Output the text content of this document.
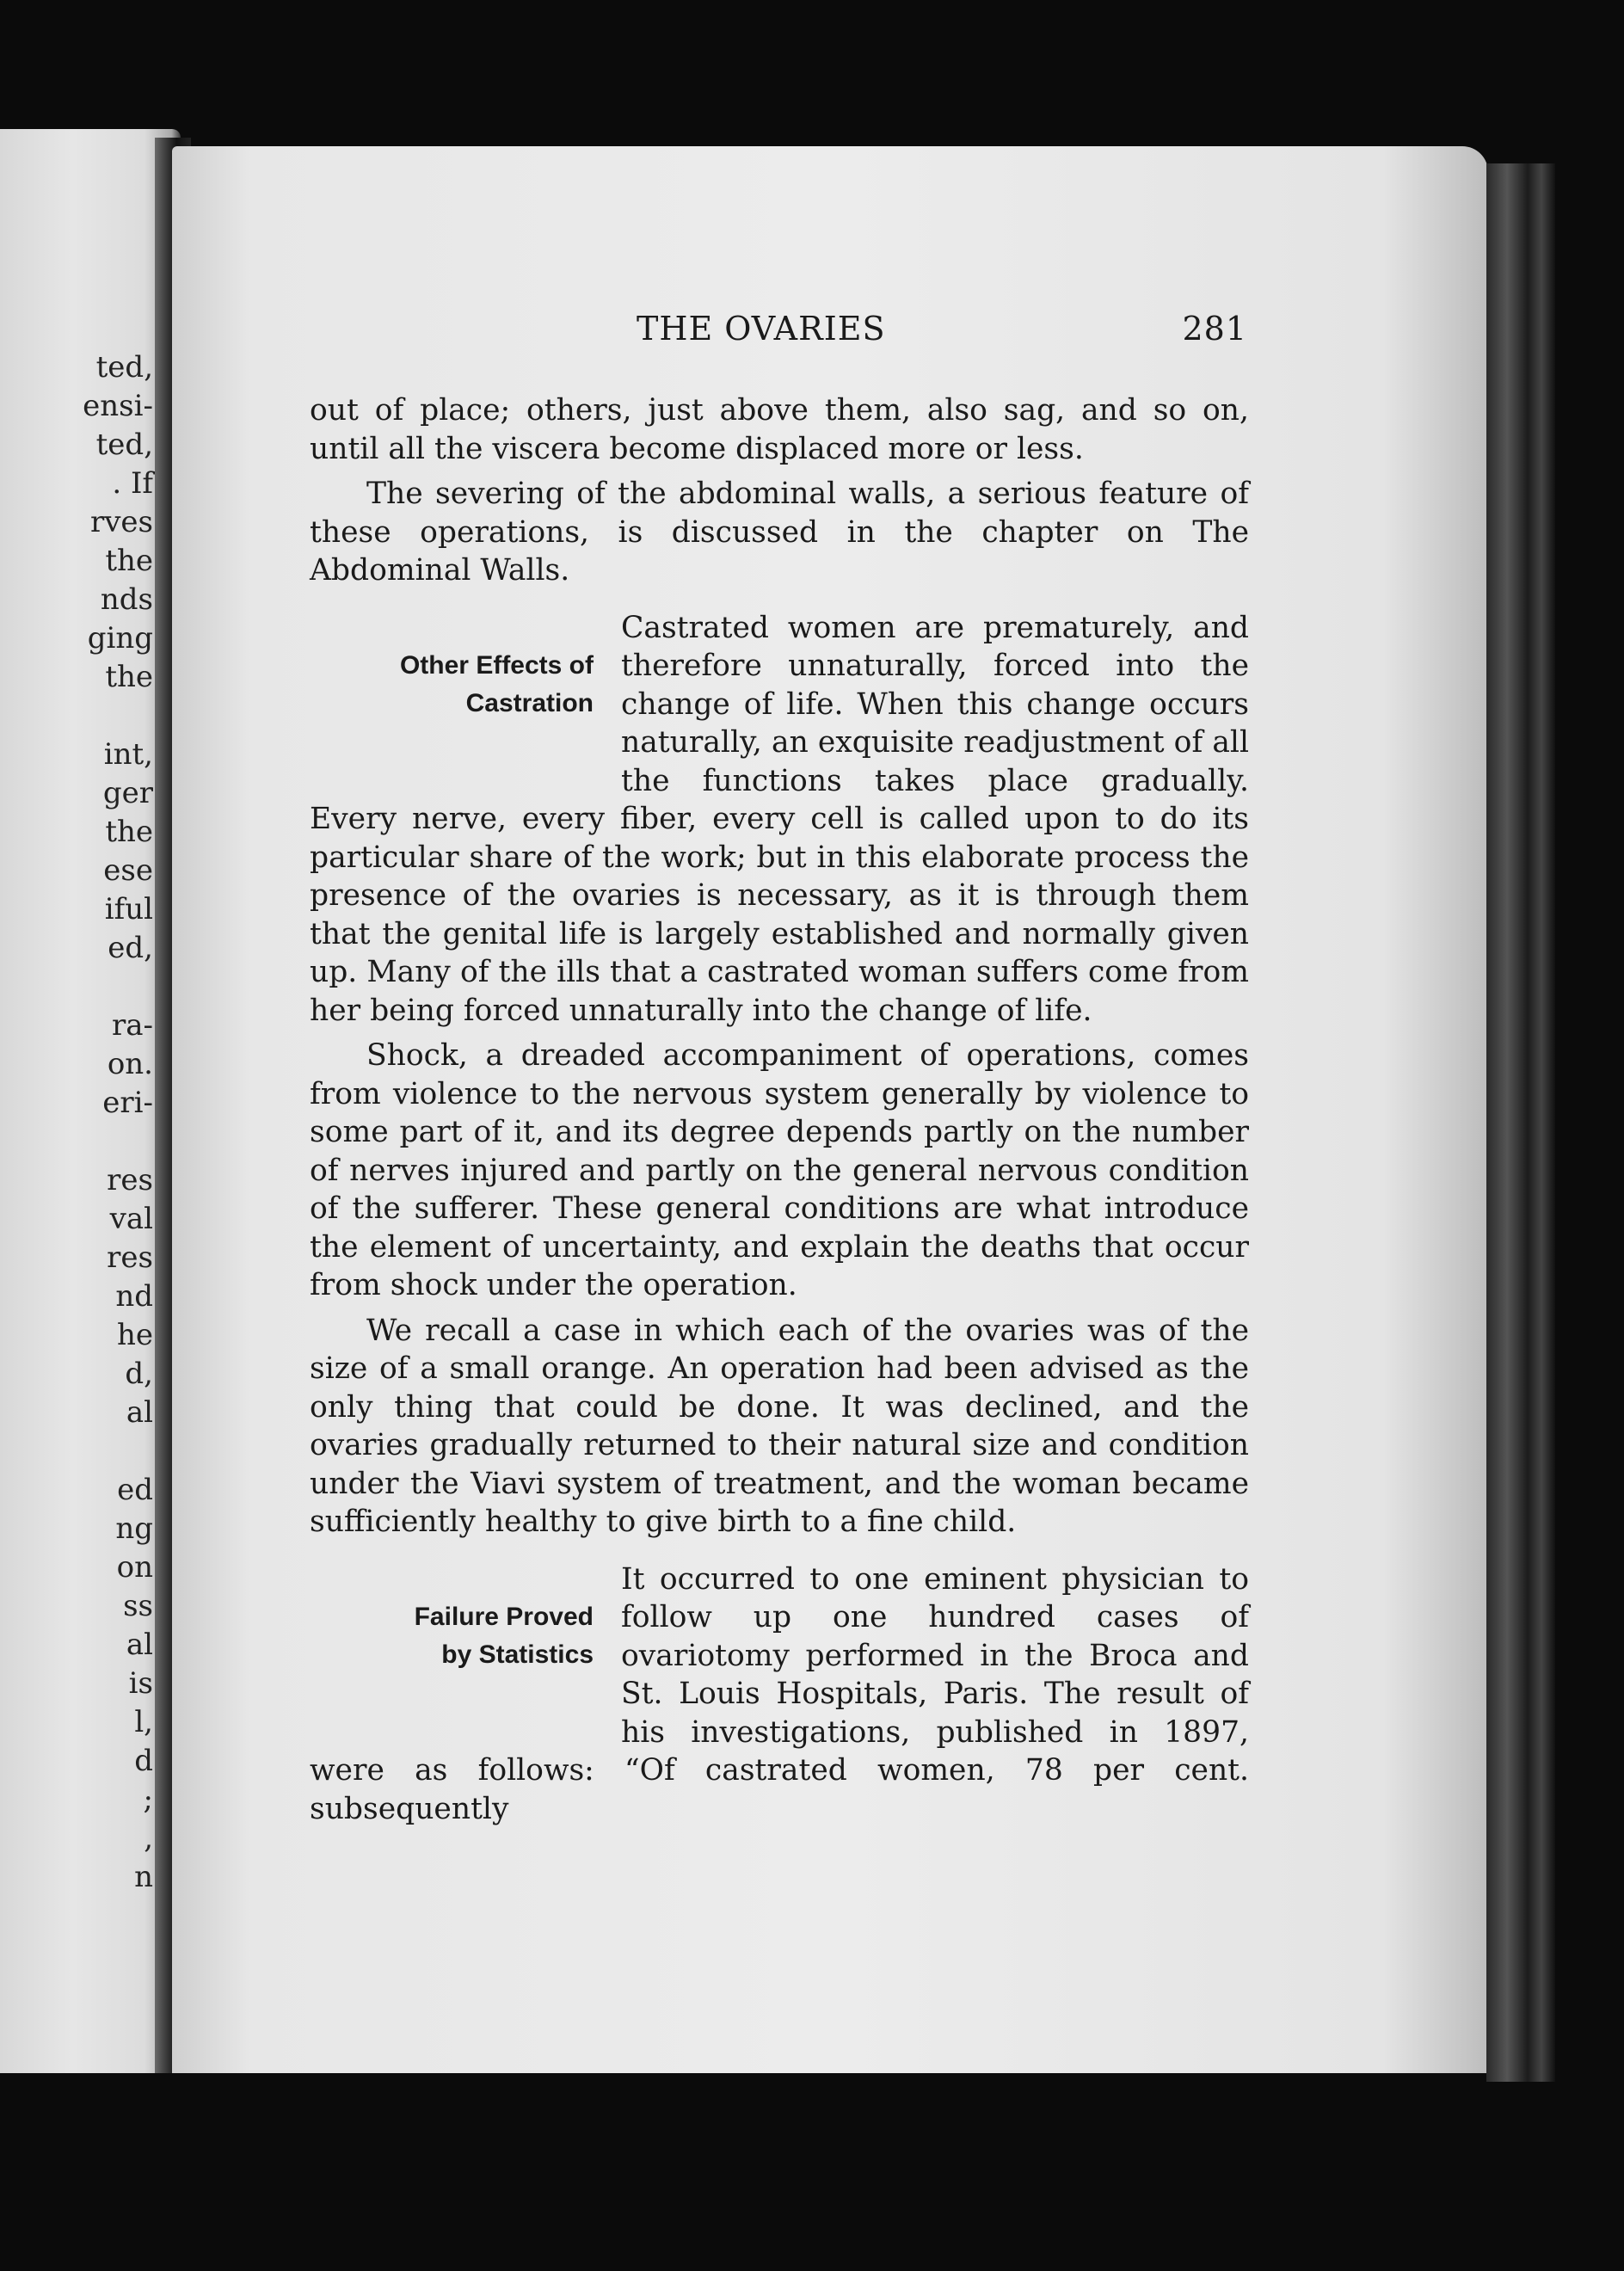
ted,
ensi-
ted,
. If
rves
the
nds
ging
the
int,
ger
the
ese
iful
ed,
ra-
on.
eri-
res
val
res
nd
he
d,
al
ed
ng
on
ss
al
is
l,
d
;
,
n
THE OVARIES	281

out of place; others, just above them, also sag, and so on, until all the viscera become displaced more or less.

The severing of the abdominal walls, a serious feature of these operations, is discussed in the chapter on The Abdominal Walls.

Other Effects of
Castration

Castrated women are prematurely, and therefore unnaturally, forced into the change of life. When this change occurs naturally, an exquisite readjustment of all the functions takes place gradually. Every nerve, every fiber, every cell is called upon to do its particular share of the work; but in this elaborate process the presence of the ovaries is necessary, as it is through them that the genital life is largely established and normally given up. Many of the ills that a castrated woman suffers come from her being forced unnaturally into the change of life.

Shock, a dreaded accompaniment of operations, comes from violence to the nervous system generally by violence to some part of it, and its degree depends partly on the number of nerves injured and partly on the general nervous condition of the sufferer. These general conditions are what introduce the element of uncertainty, and explain the deaths that occur from shock under the operation.

We recall a case in which each of the ovaries was of the size of a small orange. An operation had been advised as the only thing that could be done. It was declined, and the ovaries gradually returned to their natural size and condition under the Viavi system of treatment, and the woman became sufficiently healthy to give birth to a fine child.

Failure Proved
by Statistics

It occurred to one eminent physician to follow up one hundred cases of ovariotomy performed in the Broca and St. Louis Hospitals, Paris. The result of his investigations, published in 1897, were as follows: “Of castrated women, 78 per cent. subsequently
